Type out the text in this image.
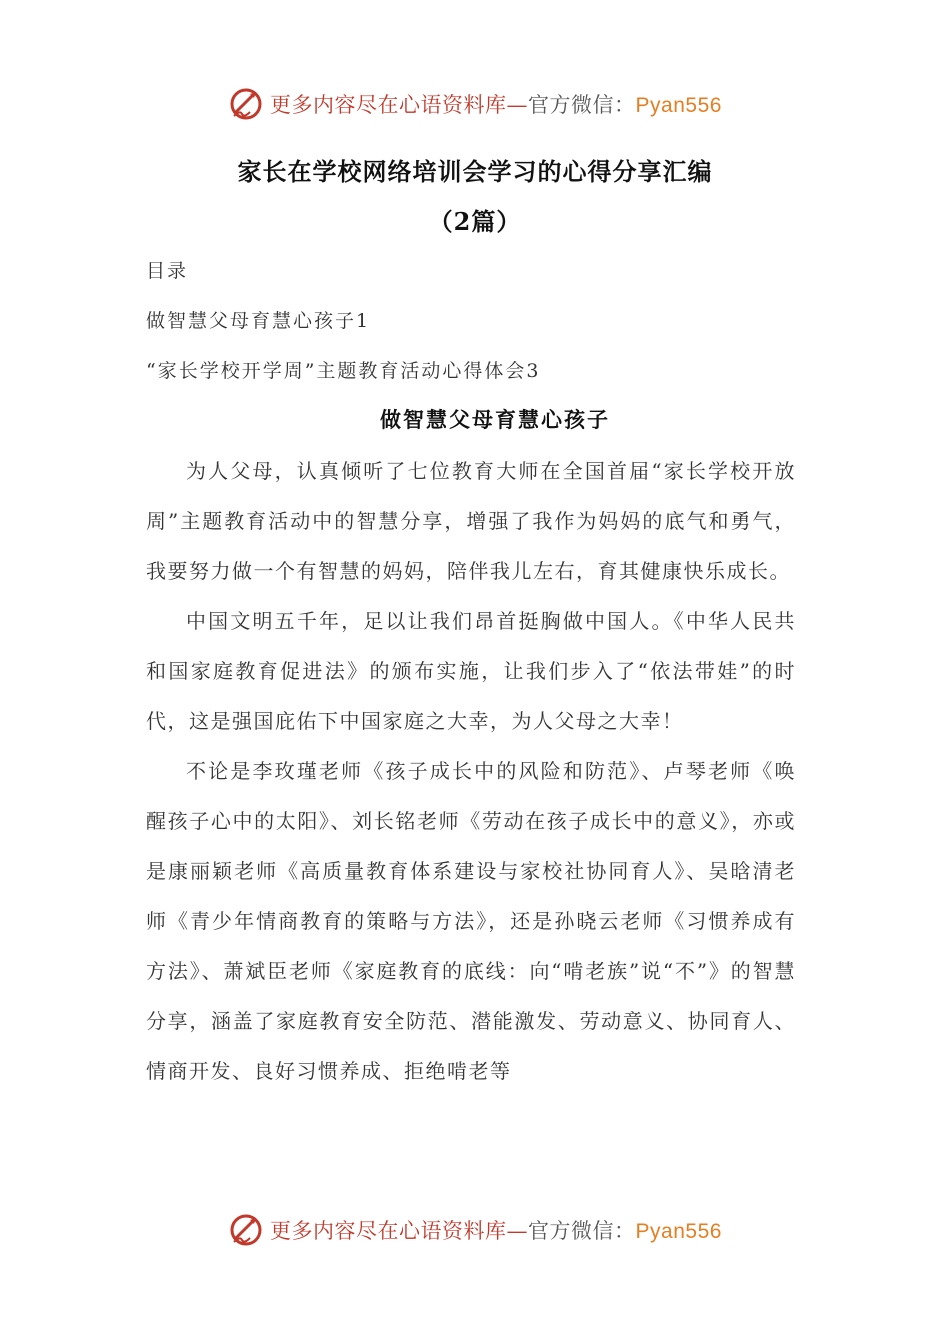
更多内容尽在心语资料库—官方微信：Pyan556
家长在学校网络培训会学习的心得分享汇编
（2篇）
目录
做智慧父母育慧心孩子1
“家长学校开学周”主题教育活动心得体会3
做智慧父母育慧心孩子

为人父母，认真倾听了七位教育大师在全国首届“家长学校开放周”主题教育活动中的智慧分享，增强了我作为妈妈的底气和勇气，我要努力做一个有智慧的妈妈，陪伴我儿左右，育其健康快乐成长。

中国文明五千年，足以让我们昂首挺胸做中国人。《中华人民共和国家庭教育促进法》的颁布实施，让我们步入了“依法带娃”的时代，这是强国庇佑下中国家庭之大幸，为人父母之大幸！

不论是李玫瑾老师《孩子成长中的风险和防范》、卢琴老师《唤醒孩子心中的太阳》、刘长铭老师《劳动在孩子成长中的意义》，亦或是康丽颖老师《高质量教育体系建设与家校社协同育人》、吴晗清老师《青少年情商教育的策略与方法》，还是孙晓云老师《习惯养成有方法》、萧斌臣老师《家庭教育的底线：向“啃老族”说“不”》的智慧分享，涵盖了家庭教育安全防范、潜能激发、劳动意义、协同育人、情商开发、良好习惯养成、拒绝啃老等

更多内容尽在心语资料库—官方微信：Pyan556
